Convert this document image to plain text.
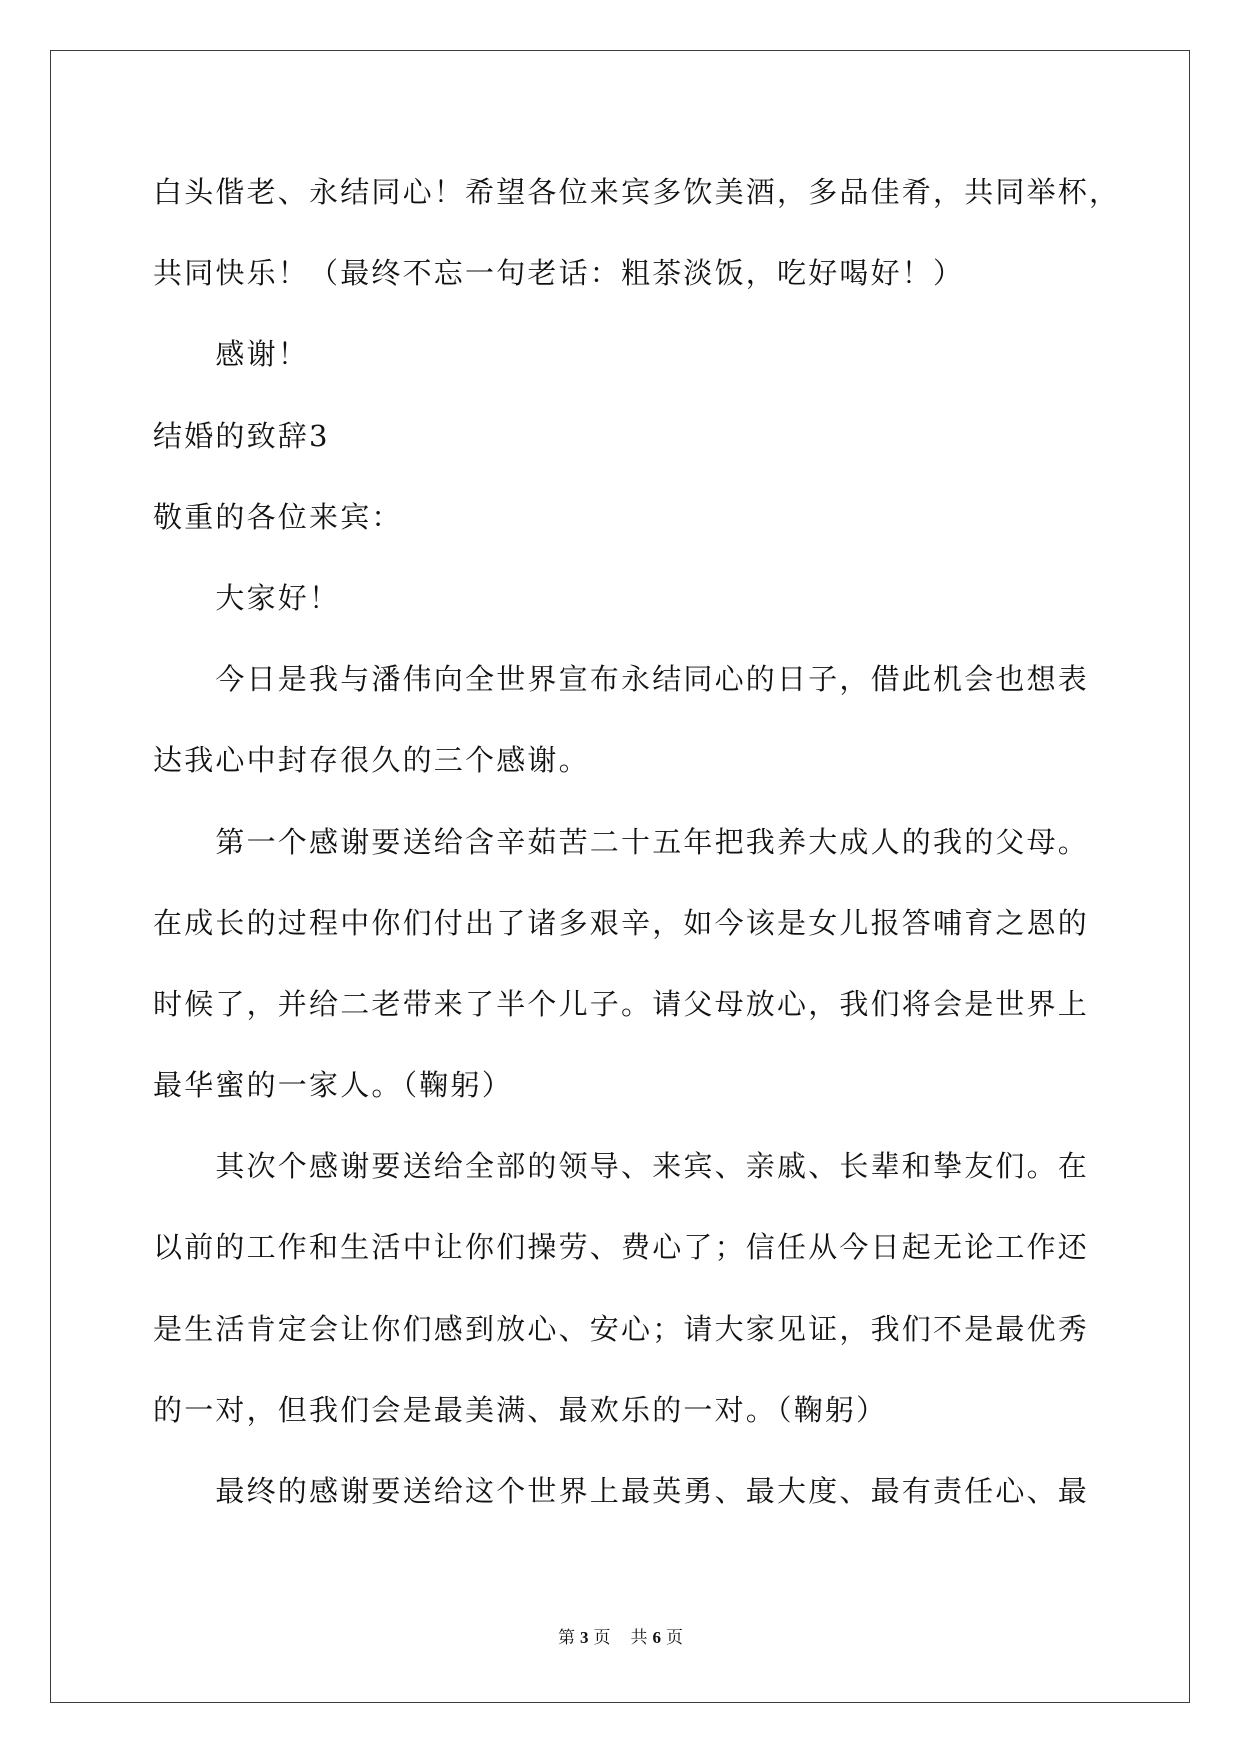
白头偕老、永结同心！希望各位来宾多饮美酒，多品佳肴，共同举杯，
共同快乐！（最终不忘一句老话：粗茶淡饭，吃好喝好！）
感谢！
结婚的致辞3
敬重的各位来宾：
大家好！
今日是我与潘伟向全世界宣布永结同心的日子，借此机会也想表
达我心中封存很久的三个感谢。
第一个感谢要送给含辛茹苦二十五年把我养大成人的我的父母。
在成长的过程中你们付出了诸多艰辛，如今该是女儿报答哺育之恩的
时候了，并给二老带来了半个儿子。请父母放心，我们将会是世界上
最华蜜的一家人。（鞠躬）
其次个感谢要送给全部的领导、来宾、亲戚、长辈和挚友们。在
以前的工作和生活中让你们操劳、费心了；信任从今日起无论工作还
是生活肯定会让你们感到放心、安心；请大家见证，我们不是最优秀
的一对，但我们会是最美满、最欢乐的一对。（鞠躬）
最终的感谢要送给这个世界上最英勇、最大度、最有责任心、最
第 3 页 共 6 页
